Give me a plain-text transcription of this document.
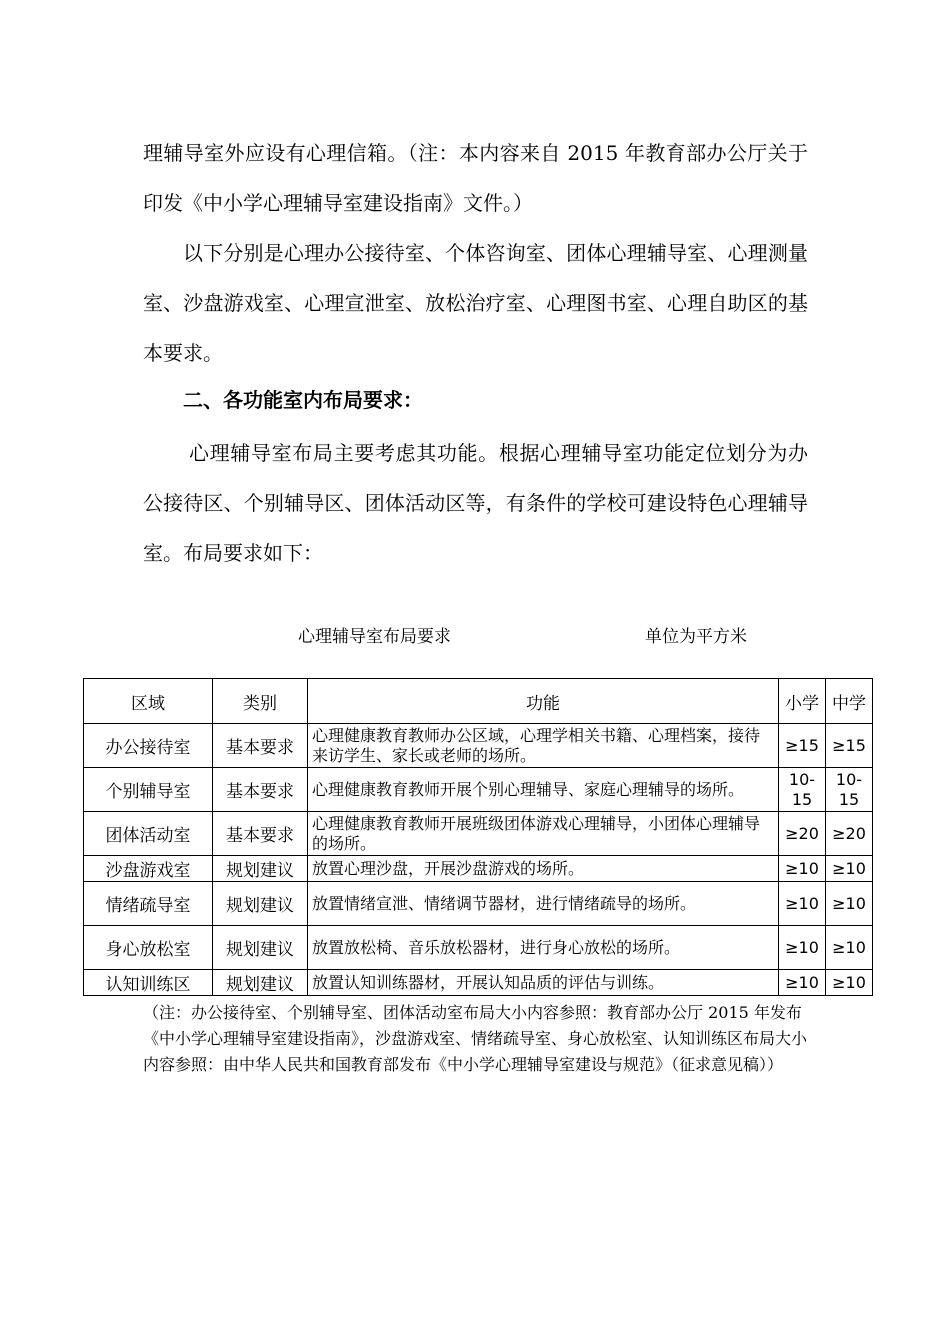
理辅导室外应设有心理信箱。（注：本内容来自 2015 年教育部办公厅关于印发《中小学心理辅导室建设指南》文件。）

以下分别是心理办公接待室、个体咨询室、团体心理辅导室、心理测量室、沙盘游戏室、心理宣泄室、放松治疗室、心理图书室、心理自助区的基本要求。

二、各功能室内布局要求：

心理辅导室布局主要考虑其功能。根据心理辅导室功能定位划分为办公接待区、个别辅导区、团体活动区等，有条件的学校可建设特色心理辅导室。布局要求如下：

心理辅导室布局要求	单位为平方米

区域	类别	功能	小学	中学
办公接待室	基本要求	心理健康教育教师办公区域，心理学相关书籍、心理档案，接待来访学生、家长或老师的场所。	≥15	≥15
个别辅导室	基本要求	心理健康教育教师开展个别心理辅导、家庭心理辅导的场所。	10-15	10-15
团体活动室	基本要求	心理健康教育教师开展班级团体游戏心理辅导，小团体心理辅导的场所。	≥20	≥20
沙盘游戏室	规划建议	放置心理沙盘，开展沙盘游戏的场所。	≥10	≥10
情绪疏导室	规划建议	放置情绪宣泄、情绪调节器材，进行情绪疏导的场所。	≥10	≥10
身心放松室	规划建议	放置放松椅、音乐放松器材，进行身心放松的场所。	≥10	≥10
认知训练区	规划建议	放置认知训练器材，开展认知品质的评估与训练。	≥10	≥10

（注：办公接待室、个别辅导室、团体活动室布局大小内容参照：教育部办公厅 2015 年发布《中小学心理辅导室建设指南》，沙盘游戏室、情绪疏导室、身心放松室、认知训练区布局大小内容参照：由中华人民共和国教育部发布《中小学心理辅导室建设与规范》（征求意见稿））
